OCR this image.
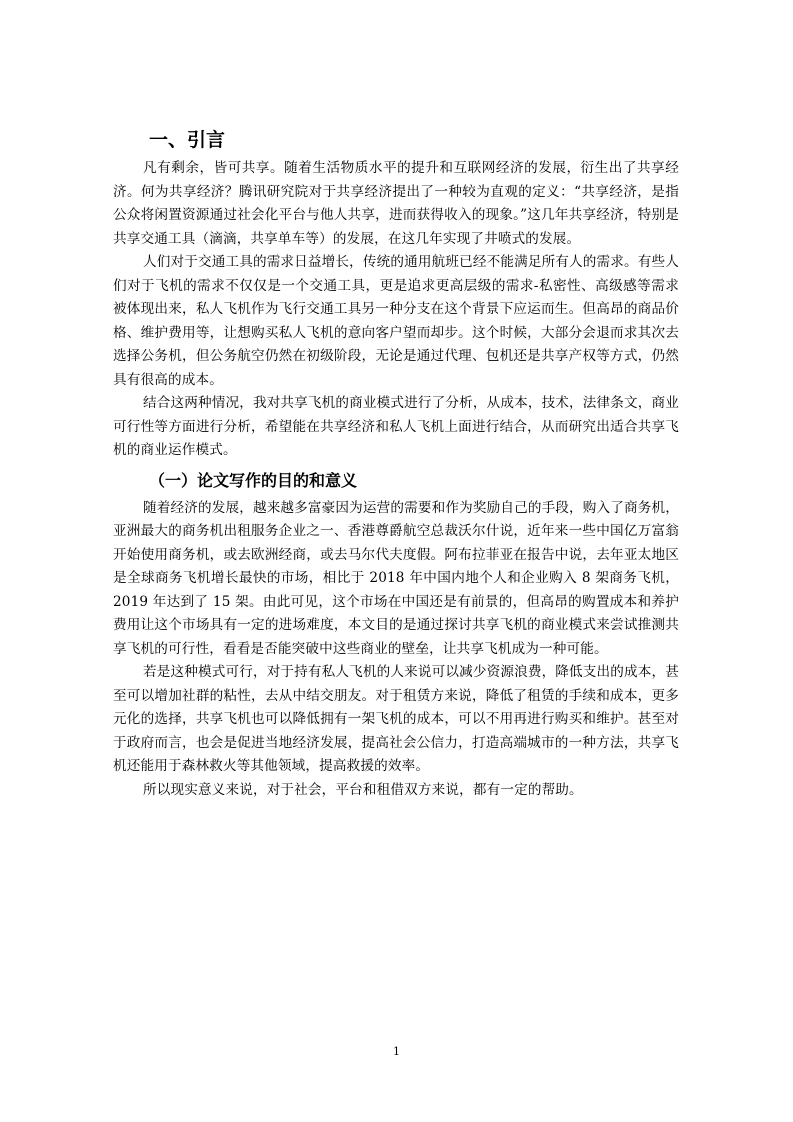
一、引言

凡有剩余，皆可共享。随着生活物质水平的提升和互联网经济的发展，衍生出了共享经济。何为共享经济？腾讯研究院对于共享经济提出了一种较为直观的定义：“共享经济，是指公众将闲置资源通过社会化平台与他人共享，进而获得收入的现象。”这几年共享经济，特别是共享交通工具（滴滴，共享单车等）的发展，在这几年实现了井喷式的发展。

人们对于交通工具的需求日益增长，传统的通用航班已经不能满足所有人的需求。有些人们对于飞机的需求不仅仅是一个交通工具，更是追求更高层级的需求-私密性、高级感等需求被体现出来，私人飞机作为飞行交通工具另一种分支在这个背景下应运而生。但高昂的商品价格、维护费用等，让想购买私人飞机的意向客户望而却步。这个时候，大部分会退而求其次去选择公务机，但公务航空仍然在初级阶段，无论是通过代理、包机还是共享产权等方式，仍然具有很高的成本。

结合这两种情况，我对共享飞机的商业模式进行了分析，从成本，技术，法律条文，商业可行性等方面进行分析，希望能在共享经济和私人飞机上面进行结合，从而研究出适合共享飞机的商业运作模式。

（一）论文写作的目的和意义

随着经济的发展，越来越多富豪因为运营的需要和作为奖励自己的手段，购入了商务机，亚洲最大的商务机出租服务企业之一、香港尊爵航空总裁沃尔什说，近年来一些中国亿万富翁开始使用商务机，或去欧洲经商，或去马尔代夫度假。阿布拉菲亚在报告中说，去年亚太地区是全球商务飞机增长最快的市场，相比于 2018 年中国内地个人和企业购入 8 架商务飞机，2019 年达到了 15 架。由此可见，这个市场在中国还是有前景的，但高昂的购置成本和养护费用让这个市场具有一定的进场难度，本文目的是通过探讨共享飞机的商业模式来尝试推测共享飞机的可行性，看看是否能突破中这些商业的壁垒，让共享飞机成为一种可能。

若是这种模式可行，对于持有私人飞机的人来说可以减少资源浪费，降低支出的成本，甚至可以增加社群的粘性，去从中结交朋友。对于租赁方来说，降低了租赁的手续和成本，更多元化的选择，共享飞机也可以降低拥有一架飞机的成本，可以不用再进行购买和维护。甚至对于政府而言，也会是促进当地经济发展，提高社会公信力，打造高端城市的一种方法，共享飞机还能用于森林救火等其他领域，提高救援的效率。

所以现实意义来说，对于社会，平台和租借双方来说，都有一定的帮助。

1
